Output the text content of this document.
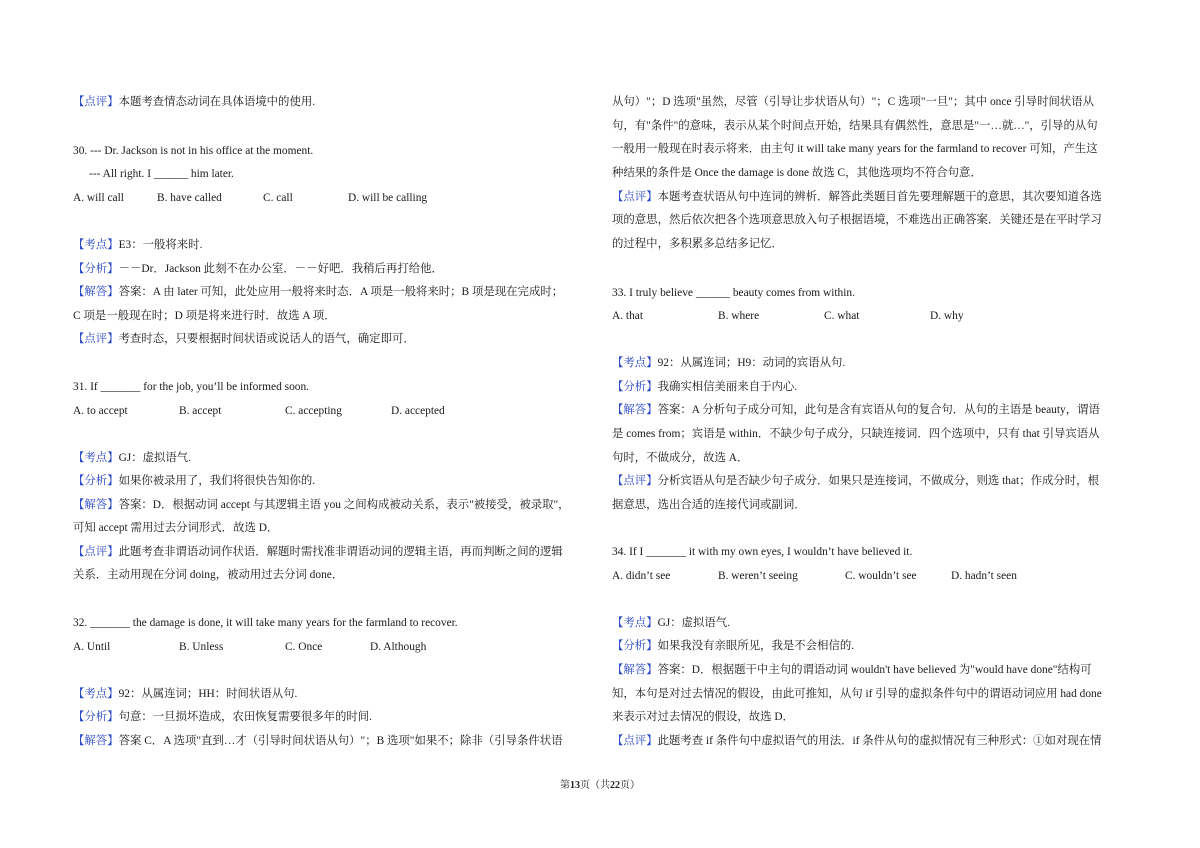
【点评】本题考查情态动词在具体语境中的使用.
30. --- Dr. Jackson is not in his office at the moment.
--- All right. I ______ him later.
A. will call	B. have called	C. call	D. will be calling
【考点】E3：一般将来时.
【分析】－－Dr．Jackson 此刻不在办公室．－－好吧．我稍后再打给他．
【解答】答案：A 由 later 可知，此处应用一般将来时态．A 项是一般将来时；B 项是现在完成时；
C 项是一般现在时；D 项是将来进行时．故选 A 项．
【点评】考查时态，只要根据时间状语或说话人的语气，确定即可．
31. If _______ for the job, you’ll be informed soon.
A. to accept	B. accept	C. accepting	D. accepted
【考点】GJ：虚拟语气.
【分析】如果你被录用了，我们将很快告知你的.
【解答】答案：D．根据动词 accept 与其逻辑主语 you 之间构成被动关系，表示"被接受，被录取"，
可知 accept 需用过去分词形式．故选 D．
【点评】此题考查非谓语动词作状语．解题时需找准非谓语动词的逻辑主语，再而判断之间的逻辑
关系．主动用现在分词 doing，被动用过去分词 done．
32. _______ the damage is done, it will take many years for the farmland to recover.
A. Until	B. Unless	C. Once	D. Although
【考点】92：从属连词；HH：时间状语从句.
【分析】句意：一旦损坏造成，农田恢复需要很多年的时间.
【解答】答案 C．A 选项"直到…才（引导时间状语从句）"；B 选项"如果不；除非（引导条件状语
从句）"；D 选项"虽然，尽管（引导让步状语从句）"；C 选项"一旦"；其中 once 引导时间状语从
句，有"条件"的意味，表示从某个时间点开始，结果具有偶然性，意思是"一…就…"，引导的从句
一般用一般现在时表示将来．由主句 it will take many years for the farmland to recover 可知，产生这
种结果的条件是 Once the damage is done 故选 C，其他选项均不符合句意．
【点评】本题考查状语从句中连词的辨析．解答此类题目首先要理解题干的意思，其次要知道各选
项的意思，然后依次把各个选项意思放入句子根据语境，不难选出正确答案．关键还是在平时学习
的过程中，多积累多总结多记忆．
33. I truly believe ______ beauty comes from within.
A. that	B. where	C. what	D. why
【考点】92：从属连词；H9：动词的宾语从句.
【分析】我确实相信美丽来自于内心.
【解答】答案：A 分析句子成分可知，此句是含有宾语从句的复合句．从句的主语是 beauty，谓语
是 comes from；宾语是 within．不缺少句子成分，只缺连接词．四个选项中，只有 that 引导宾语从
句时，不做成分，故选 A．
【点评】分析宾语从句是否缺少句子成分．如果只是连接词，不做成分，则选 that；作成分时，根
据意思，选出合适的连接代词或副词．
34. If I _______ it with my own eyes, I wouldn’t have believed it.
A. didn’t see	B. weren’t seeing	C. wouldn’t see	D. hadn’t seen
【考点】GJ：虚拟语气.
【分析】如果我没有亲眼所见，我是不会相信的.
【解答】答案：D．根据题干中主句的谓语动词 wouldn't have believed 为"would have done"结构可
知，本句是对过去情况的假设，由此可推知，从句 if 引导的虚拟条件句中的谓语动词应用 had done
来表示对过去情况的假设，故选 D．
【点评】此题考查 if 条件句中虚拟语气的用法．if 条件从句的虚拟情况有三种形式：①如对现在情
第13页（共22页）
